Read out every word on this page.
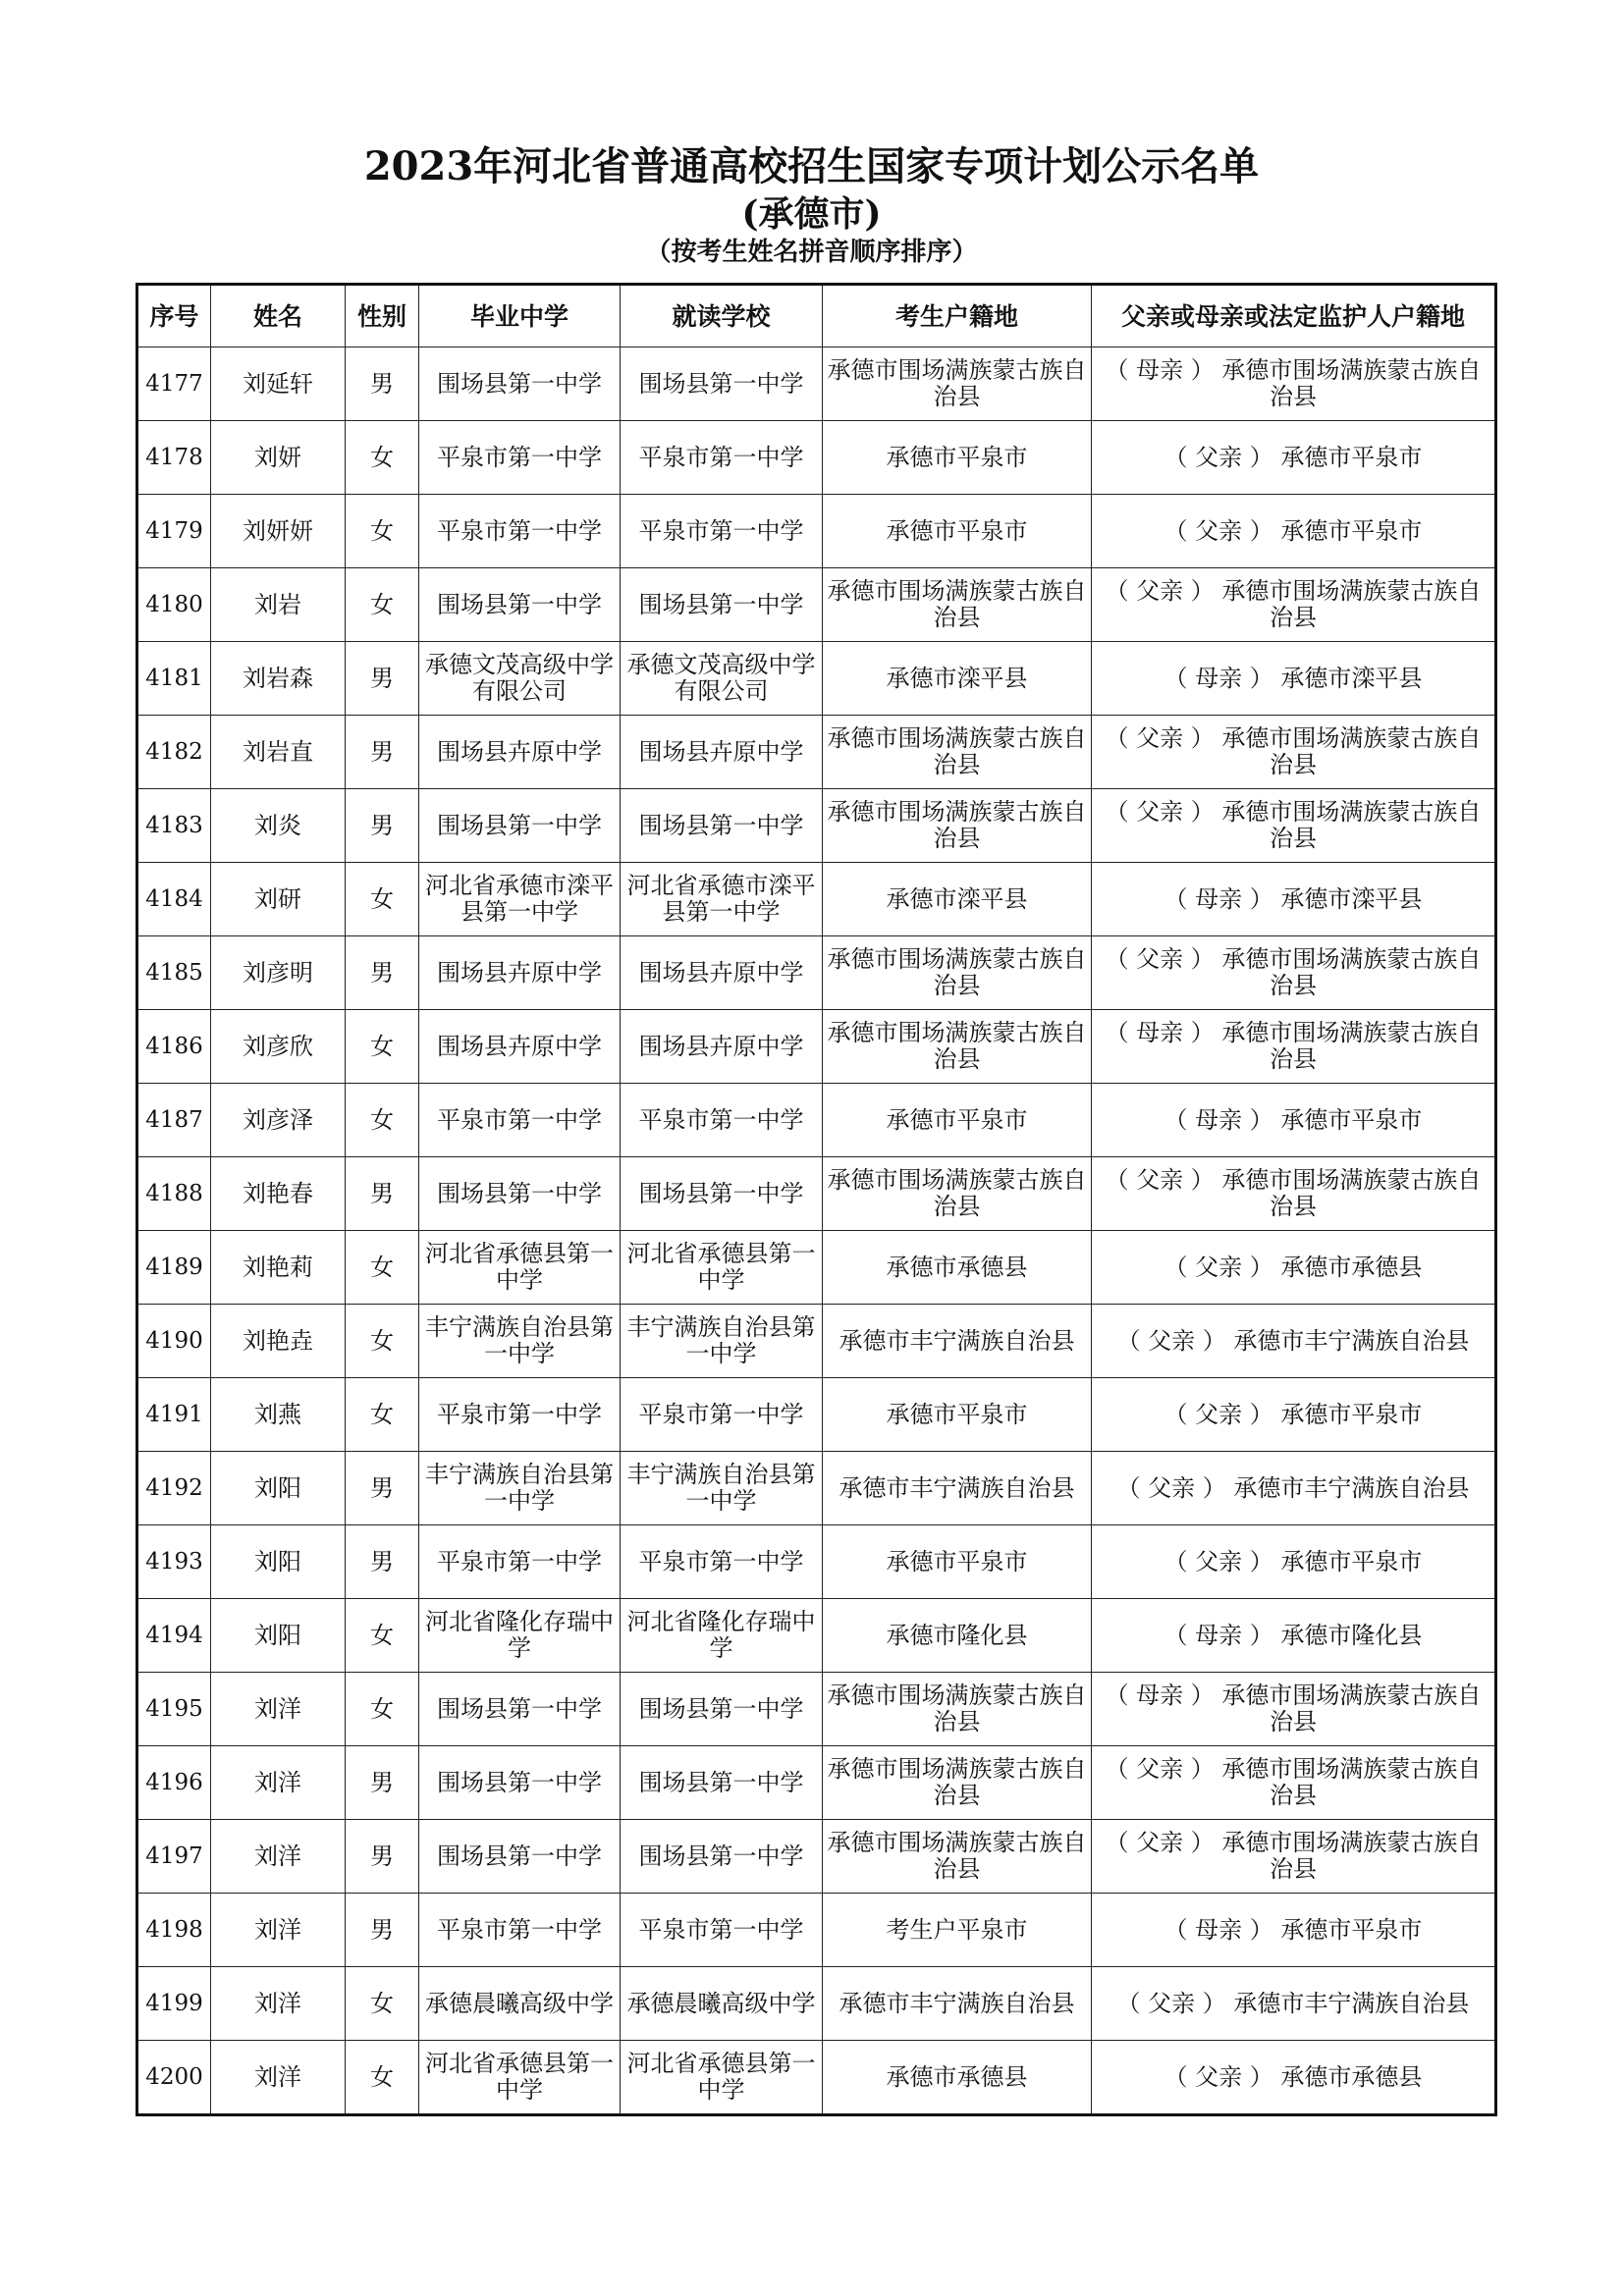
2023年河北省普通高校招生国家专项计划公示名单
(承德市)
（按考生姓名拼音顺序排序）
序号	姓名	性别	毕业中学	就读学校	考生户籍地	父亲或母亲或法定监护人户籍地
4177	刘延轩	男	围场县第一中学	围场县第一中学	承德市围场满族蒙古族自治县	（ 母亲 ） 承德市围场满族蒙古族自治县
4178	刘妍	女	平泉市第一中学	平泉市第一中学	承德市平泉市	（ 父亲 ） 承德市平泉市
4179	刘妍妍	女	平泉市第一中学	平泉市第一中学	承德市平泉市	（ 父亲 ） 承德市平泉市
4180	刘岩	女	围场县第一中学	围场县第一中学	承德市围场满族蒙古族自治县	（ 父亲 ） 承德市围场满族蒙古族自治县
4181	刘岩森	男	承德文茂高级中学有限公司	承德文茂高级中学有限公司	承德市滦平县	（ 母亲 ） 承德市滦平县
4182	刘岩直	男	围场县卉原中学	围场县卉原中学	承德市围场满族蒙古族自治县	（ 父亲 ） 承德市围场满族蒙古族自治县
4183	刘炎	男	围场县第一中学	围场县第一中学	承德市围场满族蒙古族自治县	（ 父亲 ） 承德市围场满族蒙古族自治县
4184	刘研	女	河北省承德市滦平县第一中学	河北省承德市滦平县第一中学	承德市滦平县	（ 母亲 ） 承德市滦平县
4185	刘彦明	男	围场县卉原中学	围场县卉原中学	承德市围场满族蒙古族自治县	（ 父亲 ） 承德市围场满族蒙古族自治县
4186	刘彦欣	女	围场县卉原中学	围场县卉原中学	承德市围场满族蒙古族自治县	（ 母亲 ） 承德市围场满族蒙古族自治县
4187	刘彦泽	女	平泉市第一中学	平泉市第一中学	承德市平泉市	（ 母亲 ） 承德市平泉市
4188	刘艳春	男	围场县第一中学	围场县第一中学	承德市围场满族蒙古族自治县	（ 父亲 ） 承德市围场满族蒙古族自治县
4189	刘艳莉	女	河北省承德县第一中学	河北省承德县第一中学	承德市承德县	（ 父亲 ） 承德市承德县
4190	刘艳垚	女	丰宁满族自治县第一中学	丰宁满族自治县第一中学	承德市丰宁满族自治县	（ 父亲 ） 承德市丰宁满族自治县
4191	刘燕	女	平泉市第一中学	平泉市第一中学	承德市平泉市	（ 父亲 ） 承德市平泉市
4192	刘阳	男	丰宁满族自治县第一中学	丰宁满族自治县第一中学	承德市丰宁满族自治县	（ 父亲 ） 承德市丰宁满族自治县
4193	刘阳	男	平泉市第一中学	平泉市第一中学	承德市平泉市	（ 父亲 ） 承德市平泉市
4194	刘阳	女	河北省隆化存瑞中学	河北省隆化存瑞中学	承德市隆化县	（ 母亲 ） 承德市隆化县
4195	刘洋	女	围场县第一中学	围场县第一中学	承德市围场满族蒙古族自治县	（ 母亲 ） 承德市围场满族蒙古族自治县
4196	刘洋	男	围场县第一中学	围场县第一中学	承德市围场满族蒙古族自治县	（ 父亲 ） 承德市围场满族蒙古族自治县
4197	刘洋	男	围场县第一中学	围场县第一中学	承德市围场满族蒙古族自治县	（ 父亲 ） 承德市围场满族蒙古族自治县
4198	刘洋	男	平泉市第一中学	平泉市第一中学	考生户平泉市	（ 母亲 ） 承德市平泉市
4199	刘洋	女	承德晨曦高级中学	承德晨曦高级中学	承德市丰宁满族自治县	（ 父亲 ） 承德市丰宁满族自治县
4200	刘洋	女	河北省承德县第一中学	河北省承德县第一中学	承德市承德县	（ 父亲 ） 承德市承德县
